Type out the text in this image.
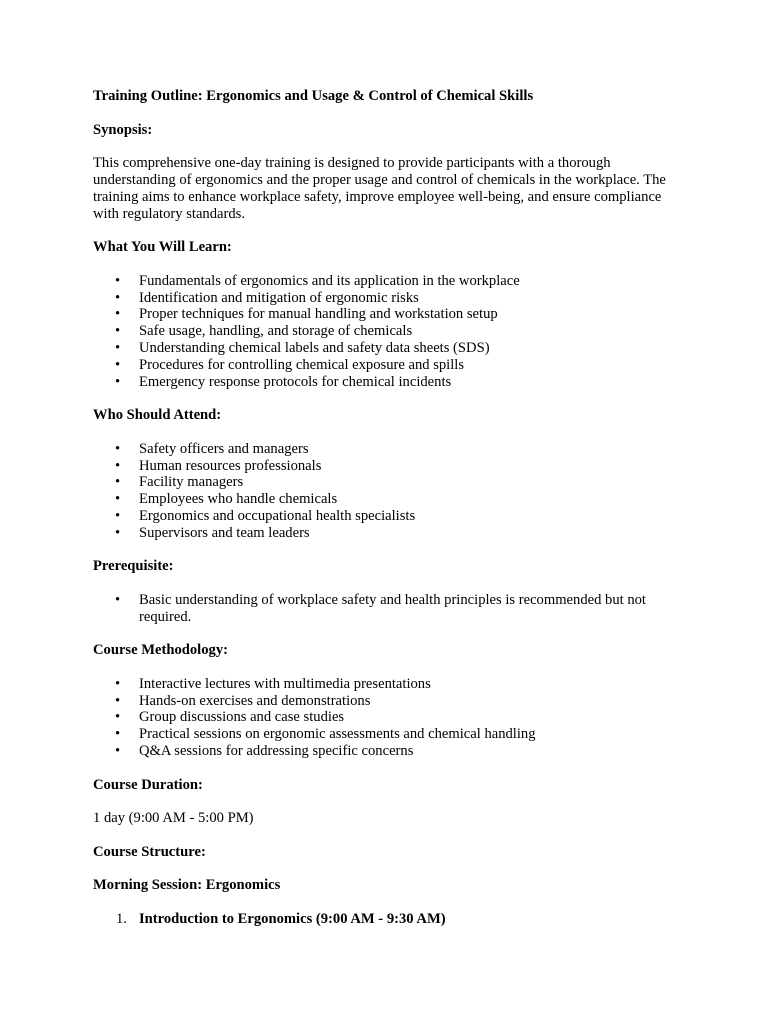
Training Outline: Ergonomics and Usage & Control of Chemical Skills

Synopsis:

This comprehensive one-day training is designed to provide participants with a thorough understanding of ergonomics and the proper usage and control of chemicals in the workplace. The training aims to enhance workplace safety, improve employee well-being, and ensure compliance with regulatory standards.

What You Will Learn:

• Fundamentals of ergonomics and its application in the workplace
• Identification and mitigation of ergonomic risks
• Proper techniques for manual handling and workstation setup
• Safe usage, handling, and storage of chemicals
• Understanding chemical labels and safety data sheets (SDS)
• Procedures for controlling chemical exposure and spills
• Emergency response protocols for chemical incidents

Who Should Attend:

• Safety officers and managers
• Human resources professionals
• Facility managers
• Employees who handle chemicals
• Ergonomics and occupational health specialists
• Supervisors and team leaders

Prerequisite:

• Basic understanding of workplace safety and health principles is recommended but not required.

Course Methodology:

• Interactive lectures with multimedia presentations
• Hands-on exercises and demonstrations
• Group discussions and case studies
• Practical sessions on ergonomic assessments and chemical handling
• Q&A sessions for addressing specific concerns

Course Duration:

1 day (9:00 AM - 5:00 PM)

Course Structure:

Morning Session: Ergonomics

1. Introduction to Ergonomics (9:00 AM - 9:30 AM)
